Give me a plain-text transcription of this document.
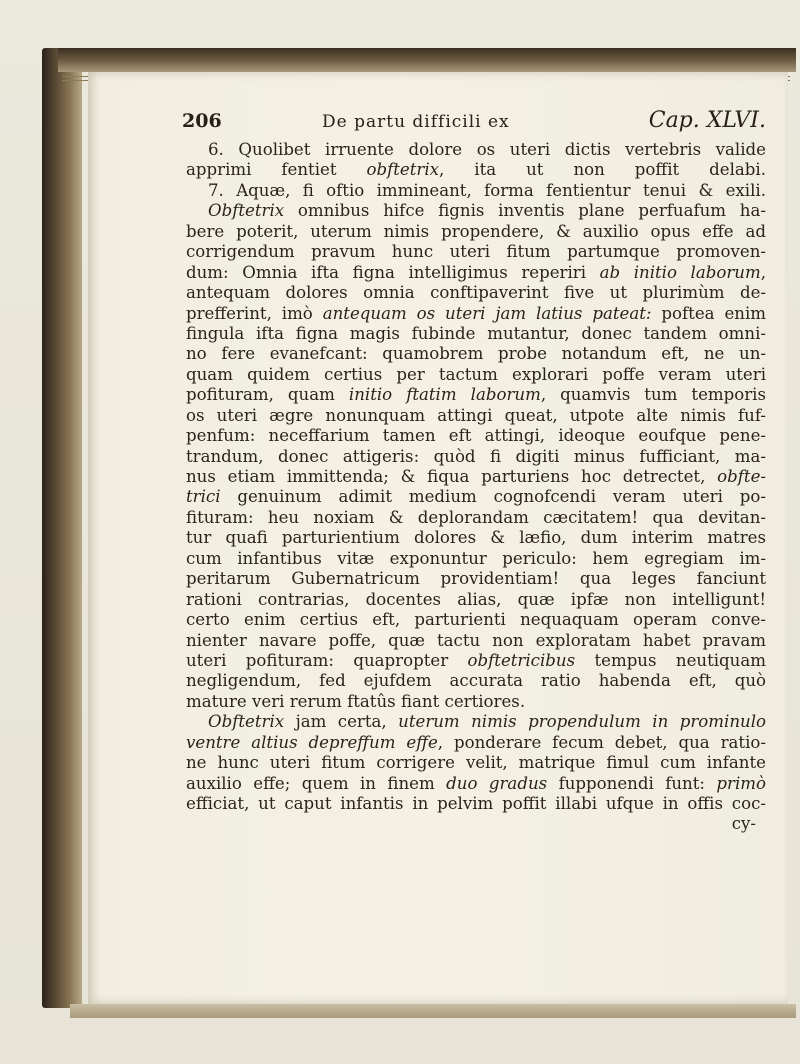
206	De partu difficili ex	Cap. XLVI.
6. Quolibet irruente dolore os uteri dictis vertebris valide
apprimi fentiet obftetrix, ita ut non poffit delabi.
7. Aquæ, fi oftio immineant, forma fentientur tenui & exili.
Obftetrix omnibus hifce fignis inventis plane perfuafum ha-
bere poterit, uterum nimis propendere, & auxilio opus effe ad
corrigendum pravum hunc uteri fitum partumque promoven-
dum: Omnia ifta figna intelligimus reperiri ab initio laborum,
antequam dolores omnia conftipaverint five ut plurimùm de-
prefferint, imò antequam os uteri jam latius pateat: poftea enim
fingula ifta figna magis fubinde mutantur, donec tandem omni-
no fere evanefcant: quamobrem probe notandum eft, ne un-
quam quidem certius per tactum explorari poffe veram uteri
pofituram, quam initio ftatim laborum, quamvis tum temporis
os uteri ægre nonunquam attingi queat, utpote alte nimis fuf-
penfum: neceffarium tamen eft attingi, ideoque eoufque pene-
trandum, donec attigeris: quòd fi digiti minus fufficiant, ma-
nus etiam immittenda; & fiqua parturiens hoc detrectet, obfte-
trici genuinum adimit medium cognofcendi veram uteri po-
fituram: heu noxiam & deplorandam cæcitatem! qua devitan-
tur quafi parturientium dolores & læfio, dum interim matres
cum infantibus vitæ exponuntur periculo: hem egregiam im-
peritarum Gubernatricum providentiam! qua leges fanciunt
rationi contrarias, docentes alias, quæ ipfæ non intelligunt!
certo enim certius eft, parturienti nequaquam operam conve-
nienter navare poffe, quæ tactu non exploratam habet pravam
uteri pofituram: quapropter obftetricibus tempus neutiquam
negligendum, fed ejufdem accurata ratio habenda eft, quò
mature veri rerum ftatûs fiant certiores.
Obftetrix jam certa, uterum nimis propendulum in prominulo
ventre altius depreffum effe, ponderare fecum debet, qua ratio-
ne hunc uteri fitum corrigere velit, matrique fimul cum infante
auxilio effe; quem in finem duo gradus fupponendi funt: primò
efficiat, ut caput infantis in pelvim poffit illabi ufque in offis coc-
cy-
